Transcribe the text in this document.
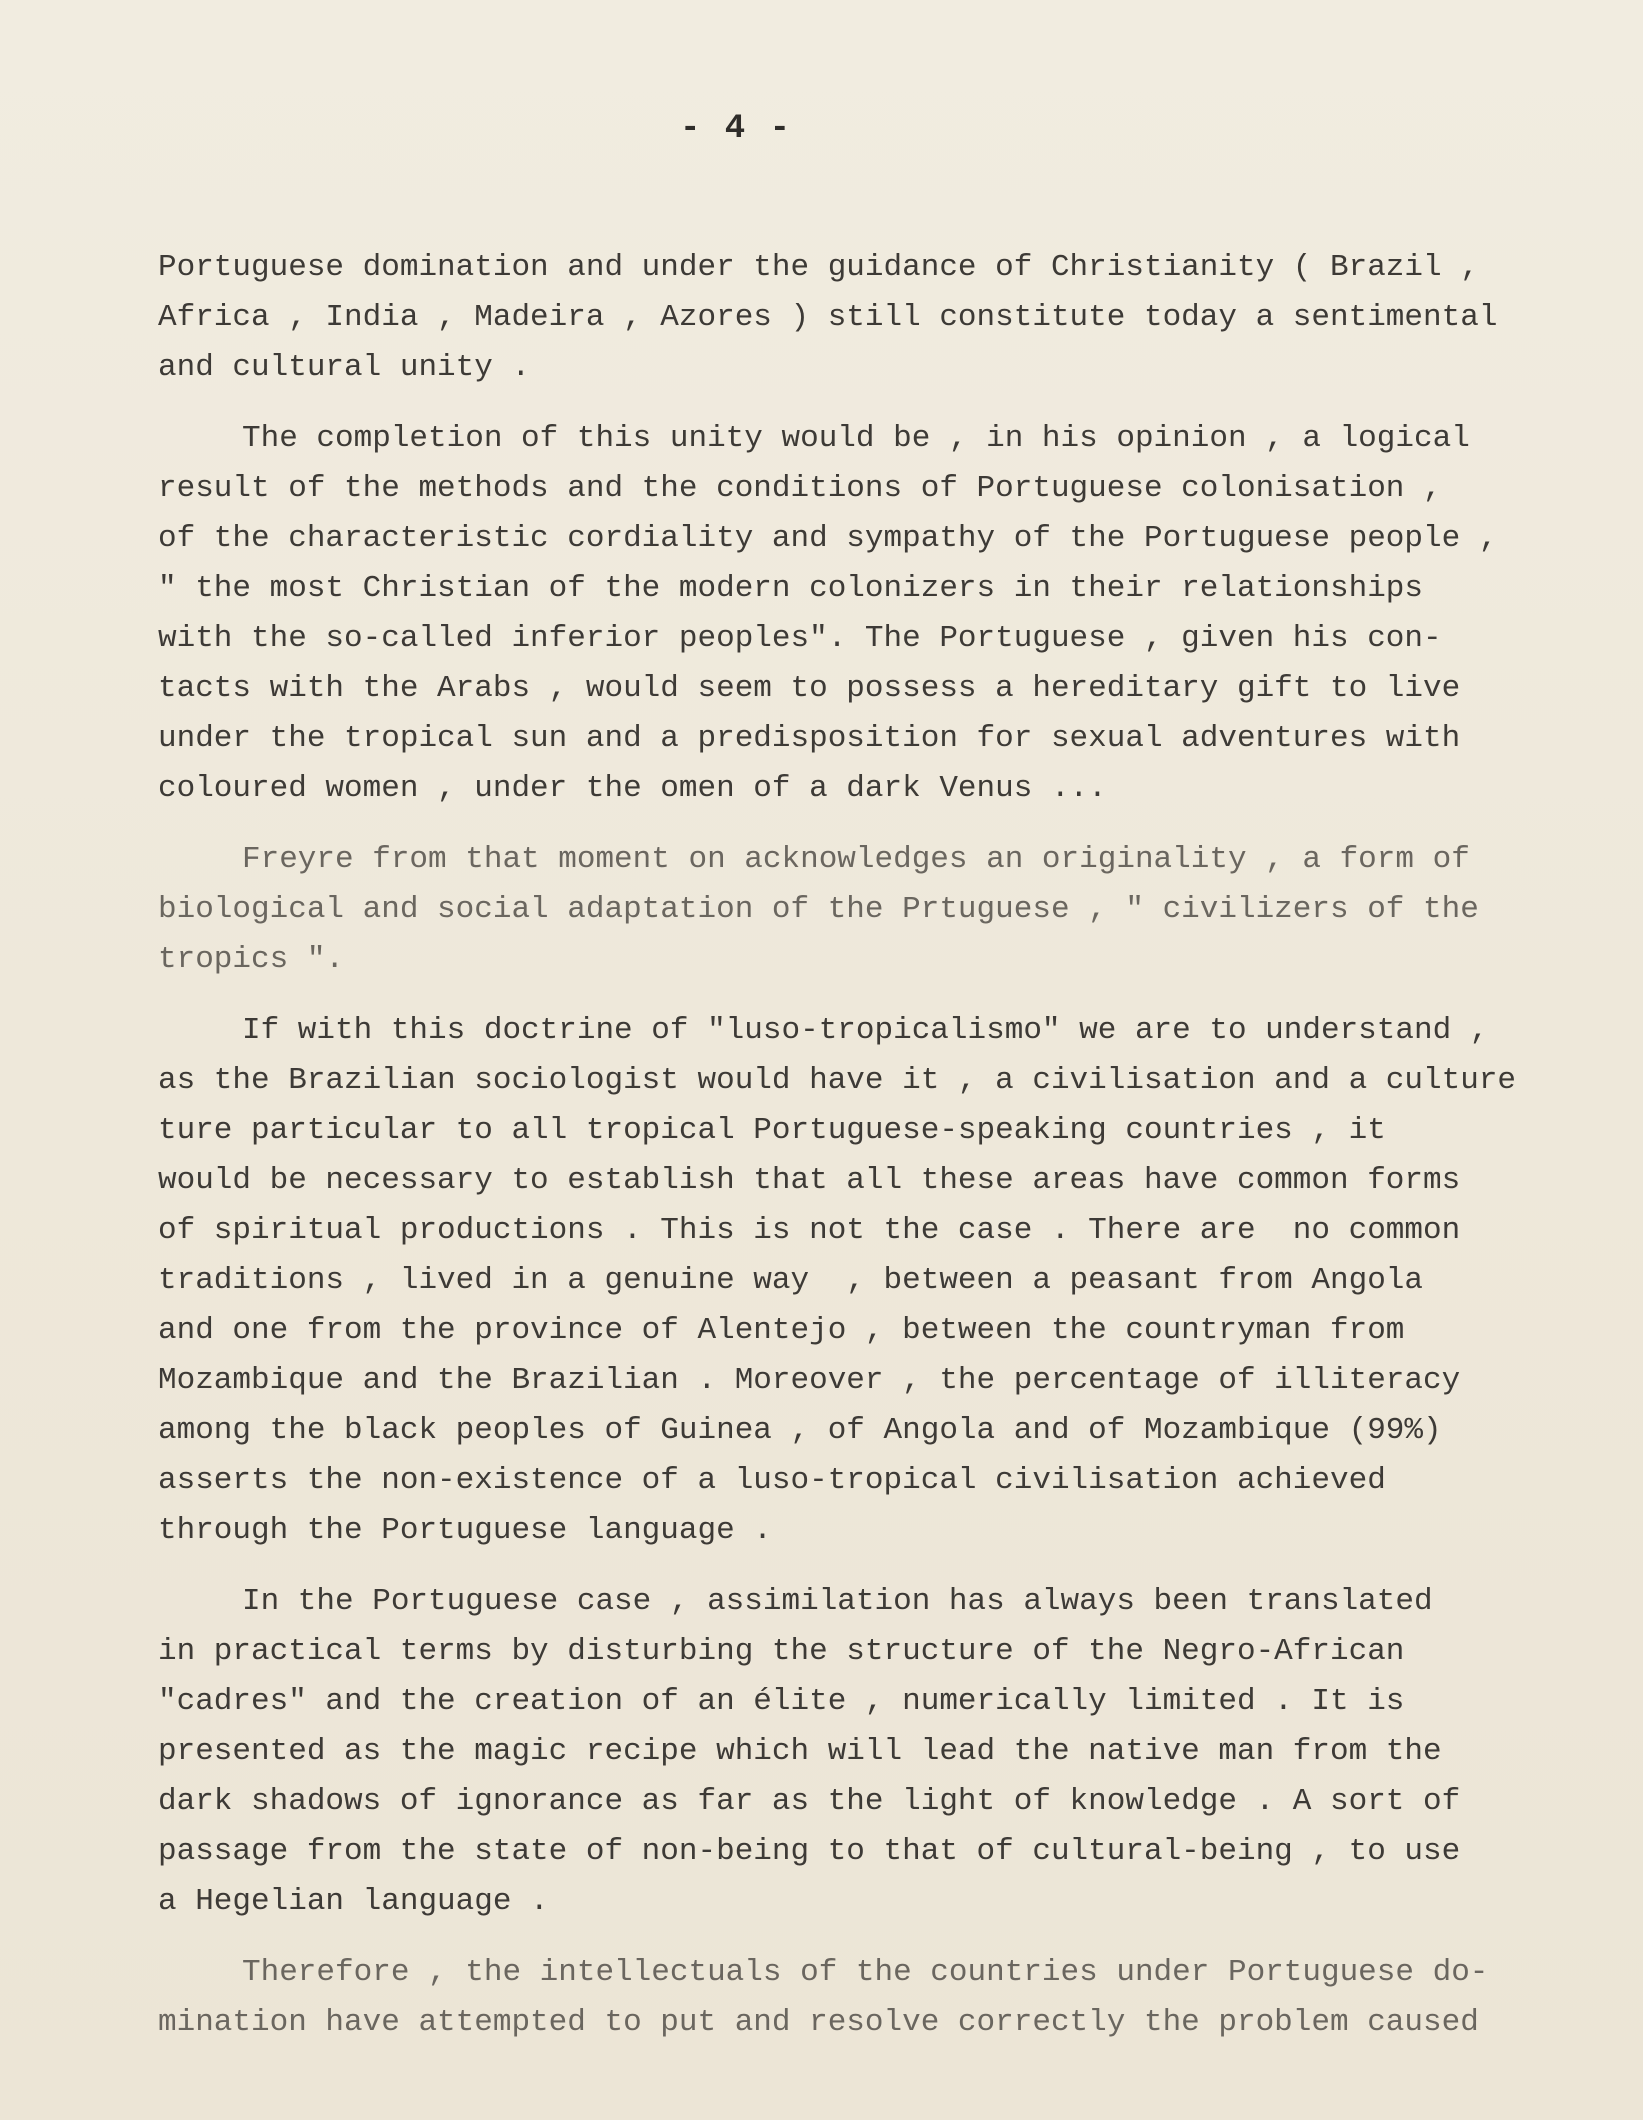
- 4 -
Portuguese domination and under the guidance of Christianity ( Brazil ,
Africa , India , Madeira , Azores ) still constitute today a sentimental
and cultural unity .
The completion of this unity would be , in his opinion , a logical
result of the methods and the conditions of Portuguese colonisation ,
of the characteristic cordiality and sympathy of the Portuguese people ,
" the most Christian of the modern colonizers in their relationships
with the so-called inferior peoples". The Portuguese , given his con-
tacts with the Arabs , would seem to possess a hereditary gift to live
under the tropical sun and a predisposition for sexual adventures with
coloured women , under the omen of a dark Venus ...
Freyre from that moment on acknowledges an originality , a form of
biological and social adaptation of the Prtuguese , " civilizers of the
tropics ".
If with this doctrine of "luso-tropicalismo" we are to understand ,
as the Brazilian sociologist would have it , a civilisation and a culture
ture particular to all tropical Portuguese-speaking countries , it
would be necessary to establish that all these areas have common forms
of spiritual productions . This is not the case . There are  no common
traditions , lived in a genuine way  , between a peasant from Angola
and one from the province of Alentejo , between the countryman from
Mozambique and the Brazilian . Moreover , the percentage of illiteracy
among the black peoples of Guinea , of Angola and of Mozambique (99%)
asserts the non-existence of a luso-tropical civilisation achieved
through the Portuguese language .
In the Portuguese case , assimilation has always been translated
in practical terms by disturbing the structure of the Negro-African
"cadres" and the creation of an élite , numerically limited . It is
presented as the magic recipe which will lead the native man from the
dark shadows of ignorance as far as the light of knowledge . A sort of
passage from the state of non-being to that of cultural-being , to use
a Hegelian language .
Therefore , the intellectuals of the countries under Portuguese do-
mination have attempted to put and resolve correctly the problem caused
